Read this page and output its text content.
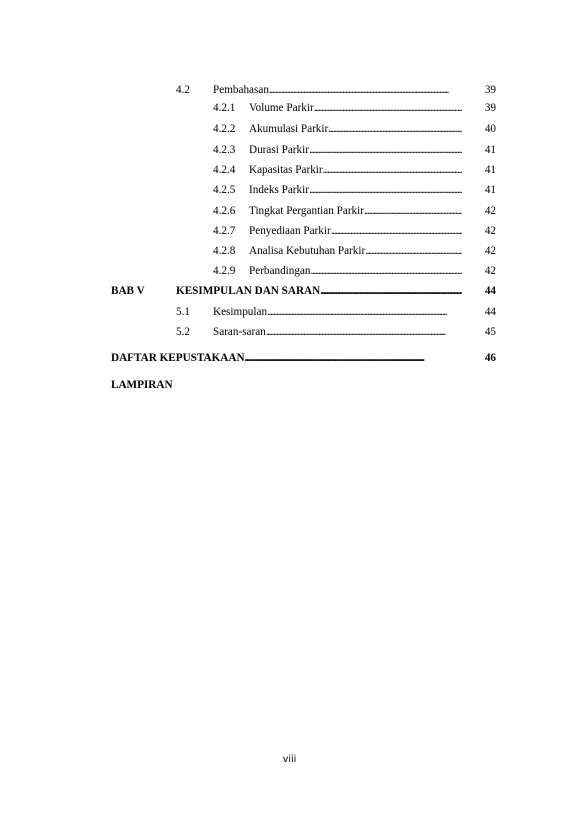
4.2 Pembahasan . . .	39
4.2.1 Volume Parkir . . .	39
4.2.2 Akumulasi Parkir . . .	40
4.2.3 Durasi Parkir . . .	41
4.2.4 Kapasitas Parkir . . .	41
4.2.5 Indeks Parkir . . .	41
4.2.6 Tingkat Pergantian Parkir . . .	42
4.2.7 Penyediaan Parkir . . .	42
4.2.8 Analisa Kebutuhan Parkir . . .	42
4.2.9 Perbandingan . . .	42
BAB V	KESIMPULAN DAN SARAN . . .	44
5.1 Kesimpulan . . .	44
5.2 Saran-saran . . .	45
DAFTAR KEPUSTAKAAN . . .	46
LAMPIRAN
viii
